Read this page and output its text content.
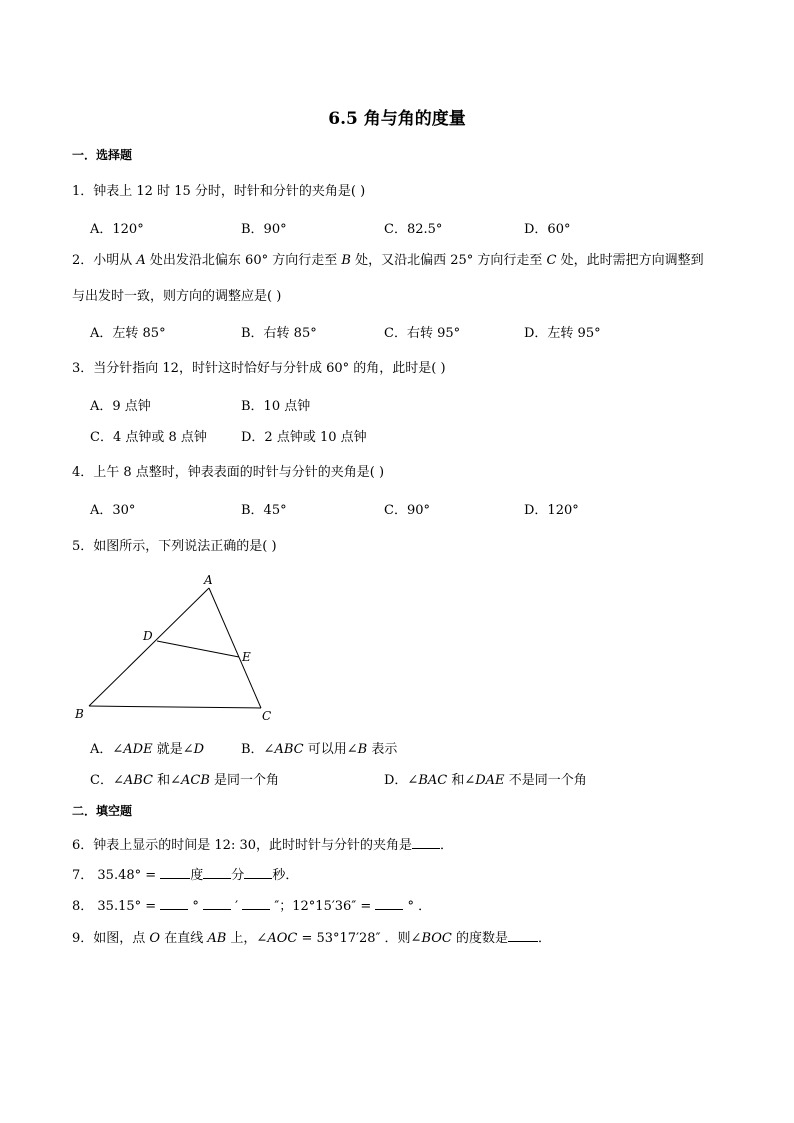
6.5 角与角的度量
一．选择题
1．钟表上 12 时 15 分时，时针和分针的夹角是( )
A．120°	B．90°	C．82.5°	D．60°
2．小明从 A 处出发沿北偏东 60° 方向行走至 B 处，又沿北偏西 25° 方向行走至 C 处，此时需把方向调整到
与出发时一致，则方向的调整应是( )
A．左转 85°	B．右转 85°	C．右转 95°	D．左转 95°
3．当分针指向 12，时针这时恰好与分针成 60° 的角，此时是( )
A．9 点钟	B．10 点钟
C．4 点钟或 8 点钟	D．2 点钟或 10 点钟
4．上午 8 点整时，钟表表面的时针与分针的夹角是( )
A．30°	B．45°	C．90°	D．120°
5．如图所示，下列说法正确的是( )
A
B	C
D
E
A．∠ADE 就是∠D	B．∠ABC 可以用∠B 表示
C．∠ABC 和∠ACB 是同一个角	D．∠BAC 和∠DAE 不是同一个角
二．填空题
6．钟表上显示的时间是 12: 30，此时时针与分针的夹角是 ．
7． 35.48° = 度 分 秒．
8． 35.15° =  °  ′  ″；12°15′36″ =  ° ．
9．如图，点 O 在直线 AB 上，∠AOC = 53°17′28″ ．则∠BOC 的度数是 ．
